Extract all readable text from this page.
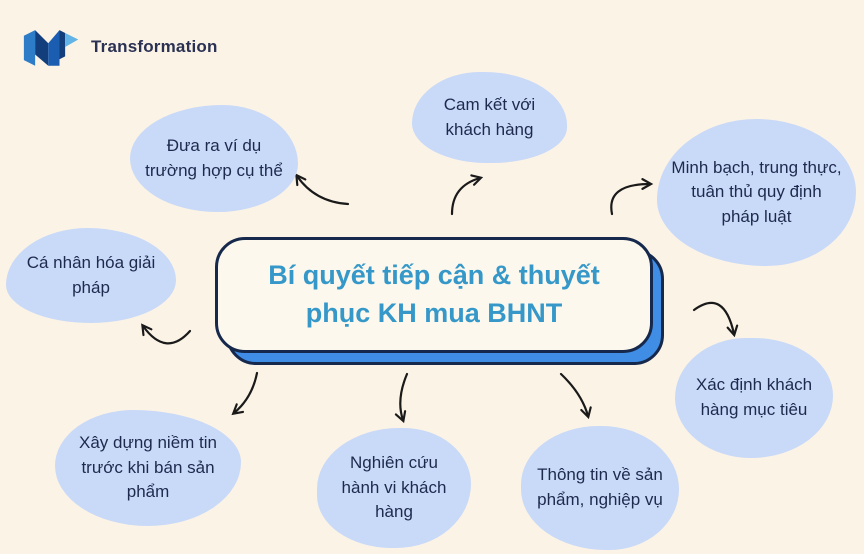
Transformation
Đưa ra ví dụ trường hợp cụ thể
Cam kết với khách hàng
Minh bạch, trung thực, tuân thủ quy định pháp luật
Cá nhân hóa giải pháp
Xác định khách hàng mục tiêu
Xây dựng niềm tin trước khi bán sản phẩm
Nghiên cứu hành vi khách hàng
Thông tin về sản phẩm, nghiệp vụ
Bí quyết tiếp cận & thuyết phục KH mua BHNT
